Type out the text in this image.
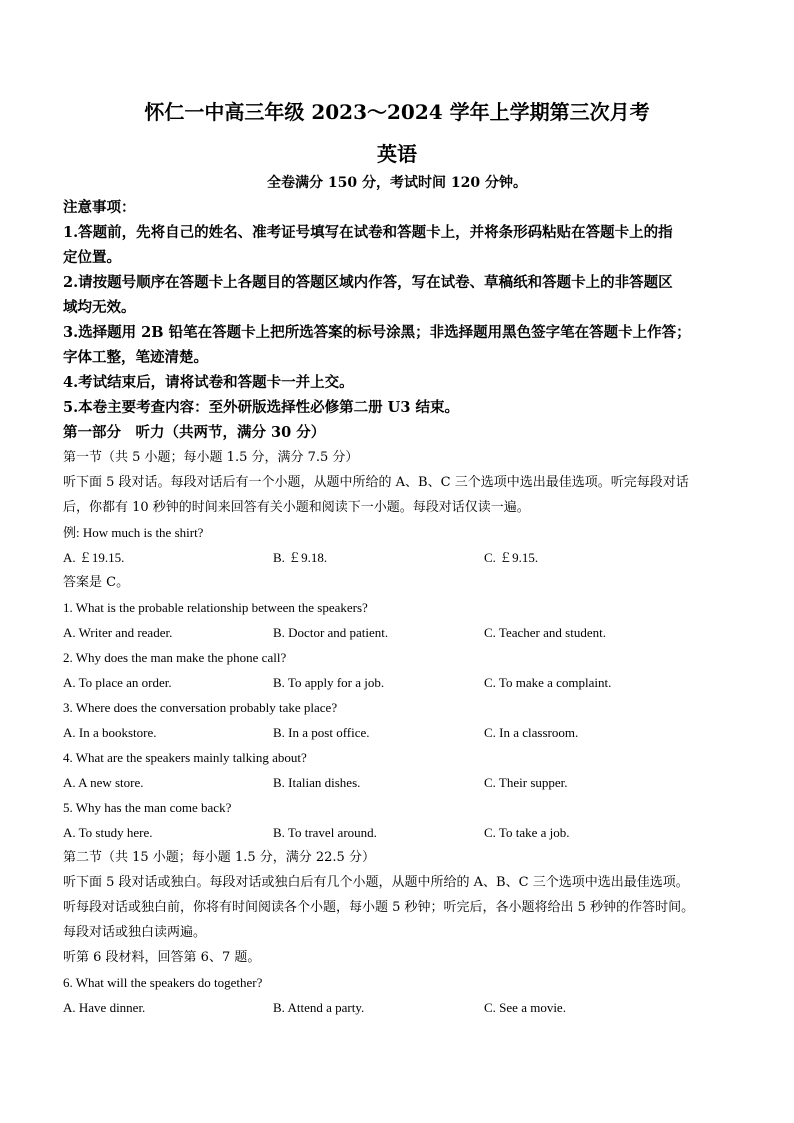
怀仁一中高三年级 2023～2024 学年上学期第三次月考
英语
全卷满分 150 分，考试时间 120 分钟。
注意事项：
1.答题前，先将自己的姓名、准考证号填写在试卷和答题卡上，并将条形码粘贴在答题卡上的指
定位置。
2.请按题号顺序在答题卡上各题目的答题区域内作答，写在试卷、草稿纸和答题卡上的非答题区
域均无效。
3.选择题用 2B 铅笔在答题卡上把所选答案的标号涂黑；非选择题用黑色签字笔在答题卡上作答；
字体工整，笔迹清楚。
4.考试结束后，请将试卷和答题卡一并上交。
5.本卷主要考查内容：至外研版选择性必修第二册 U3 结束。
第一部分　听力（共两节，满分 30 分）
第一节（共 5 小题；每小题 1.5 分，满分 7.5 分）
听下面 5 段对话。每段对话后有一个小题，从题中所给的 A、B、C 三个选项中选出最佳选项。听完每段对话
后，你都有 10 秒钟的时间来回答有关小题和阅读下一小题。每段对话仅读一遍。
例: How much is the shirt?
A. ￡19.15.	B. ￡9.18.	C. ￡9.15.
答案是 C。
1. What is the probable relationship between the speakers?
A. Writer and reader.	B. Doctor and patient.	C. Teacher and student.
2. Why does the man make the phone call?
A. To place an order.	B. To apply for a job.	C. To make a complaint.
3. Where does the conversation probably take place?
A. In a bookstore.	B. In a post office.	C. In a classroom.
4. What are the speakers mainly talking about?
A. A new store.	B. Italian dishes.	C. Their supper.
5. Why has the man come back?
A. To study here.	B. To travel around.	C. To take a job.
第二节（共 15 小题；每小题 1.5 分，满分 22.5 分）
听下面 5 段对话或独白。每段对话或独白后有几个小题，从题中所给的 A、B、C 三个选项中选出最佳选项。
听每段对话或独白前，你将有时间阅读各个小题，每小题 5 秒钟；听完后，各小题将给出 5 秒钟的作答时间。
每段对话或独白读两遍。
听第 6 段材料，回答第 6、7 题。
6. What will the speakers do together?
A. Have dinner.	B. Attend a party.	C. See a movie.
